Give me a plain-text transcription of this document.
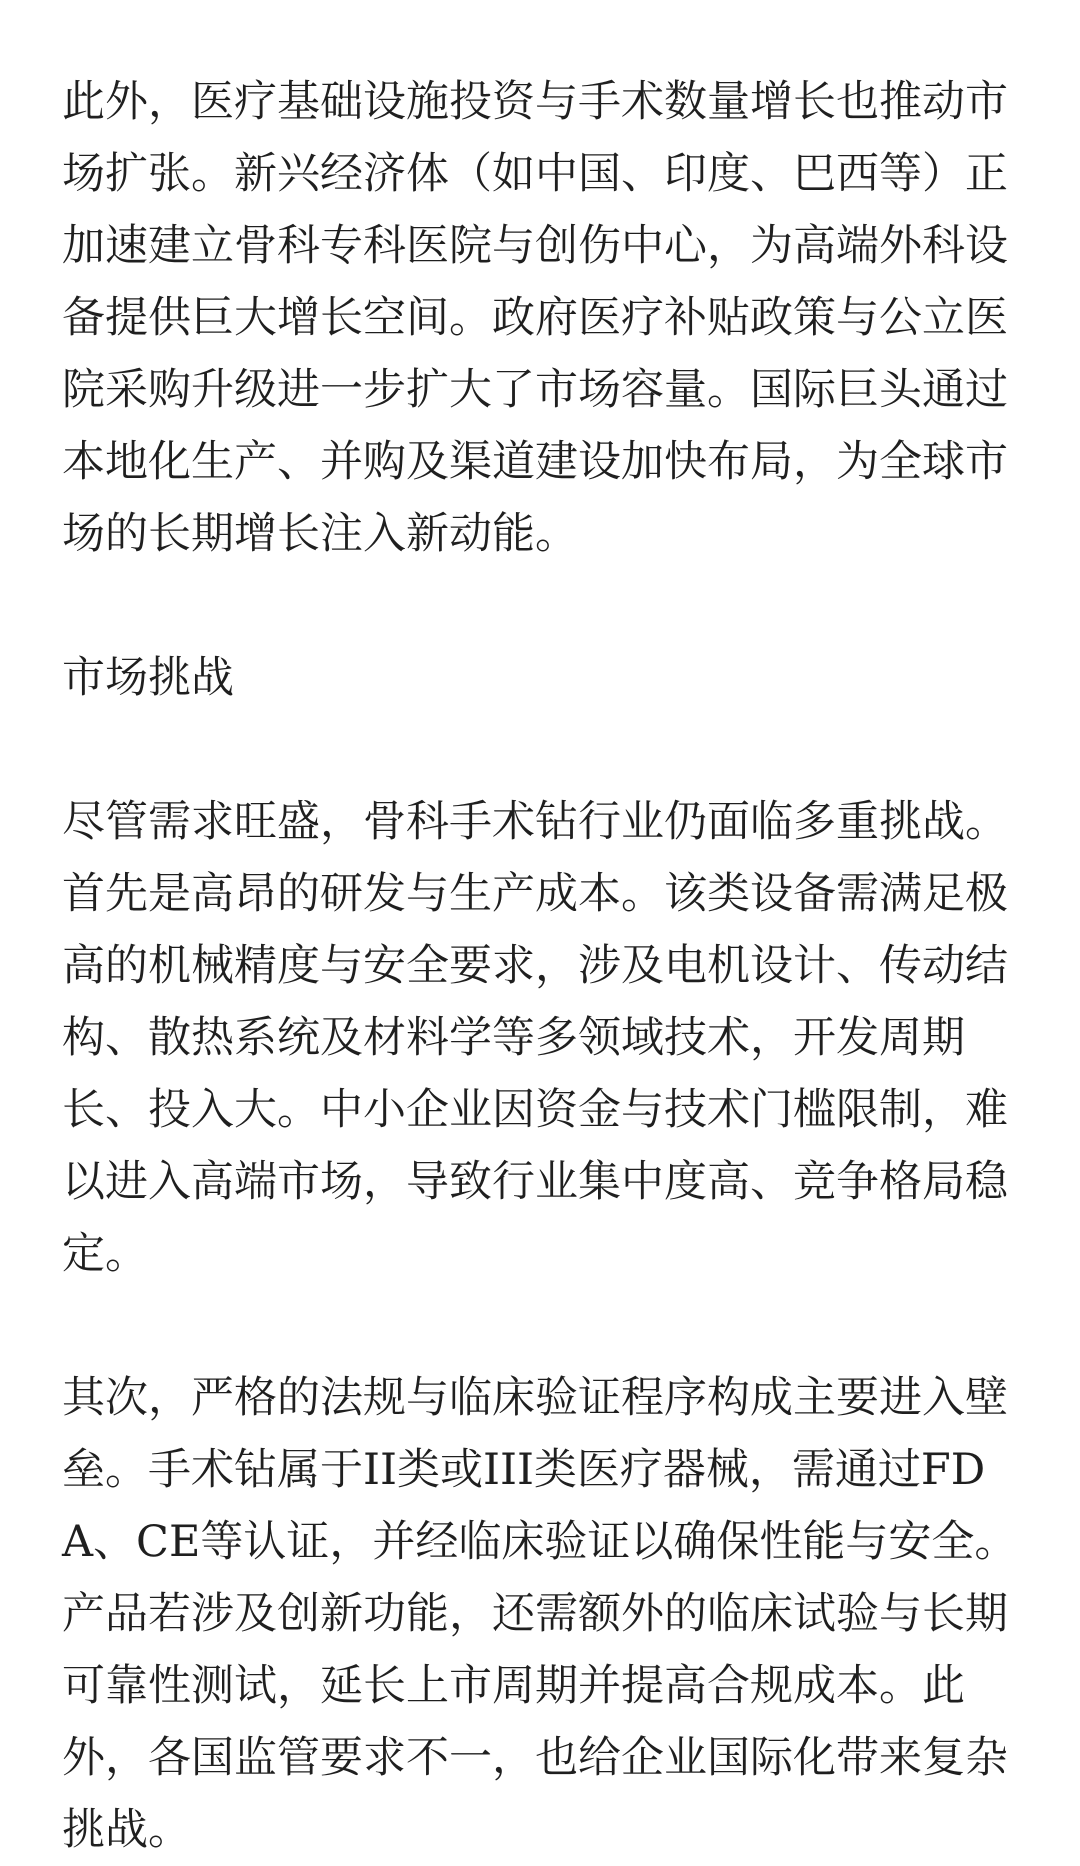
此外，医疗基础设施投资与手术数量增长也推动市场扩张。新兴经济体（如中国、印度、巴西等）正加速建立骨科专科医院与创伤中心，为高端外科设备提供巨大增长空间。政府医疗补贴政策与公立医院采购升级进一步扩大了市场容量。国际巨头通过本地化生产、并购及渠道建设加快布局，为全球市场的长期增长注入新动能。

市场挑战

尽管需求旺盛，骨科手术钻行业仍面临多重挑战。首先是高昂的研发与生产成本。该类设备需满足极高的机械精度与安全要求，涉及电机设计、传动结构、散热系统及材料学等多领域技术，开发周期长、投入大。中小企业因资金与技术门槛限制，难以进入高端市场，导致行业集中度高、竞争格局稳定。

其次，严格的法规与临床验证程序构成主要进入壁垒。手术钻属于II类或III类医疗器械，需通过FDA、CE等认证，并经临床验证以确保性能与安全。产品若涉及创新功能，还需额外的临床试验与长期可靠性测试，延长上市周期并提高合规成本。此外，各国监管要求不一，也给企业国际化带来复杂挑战。
